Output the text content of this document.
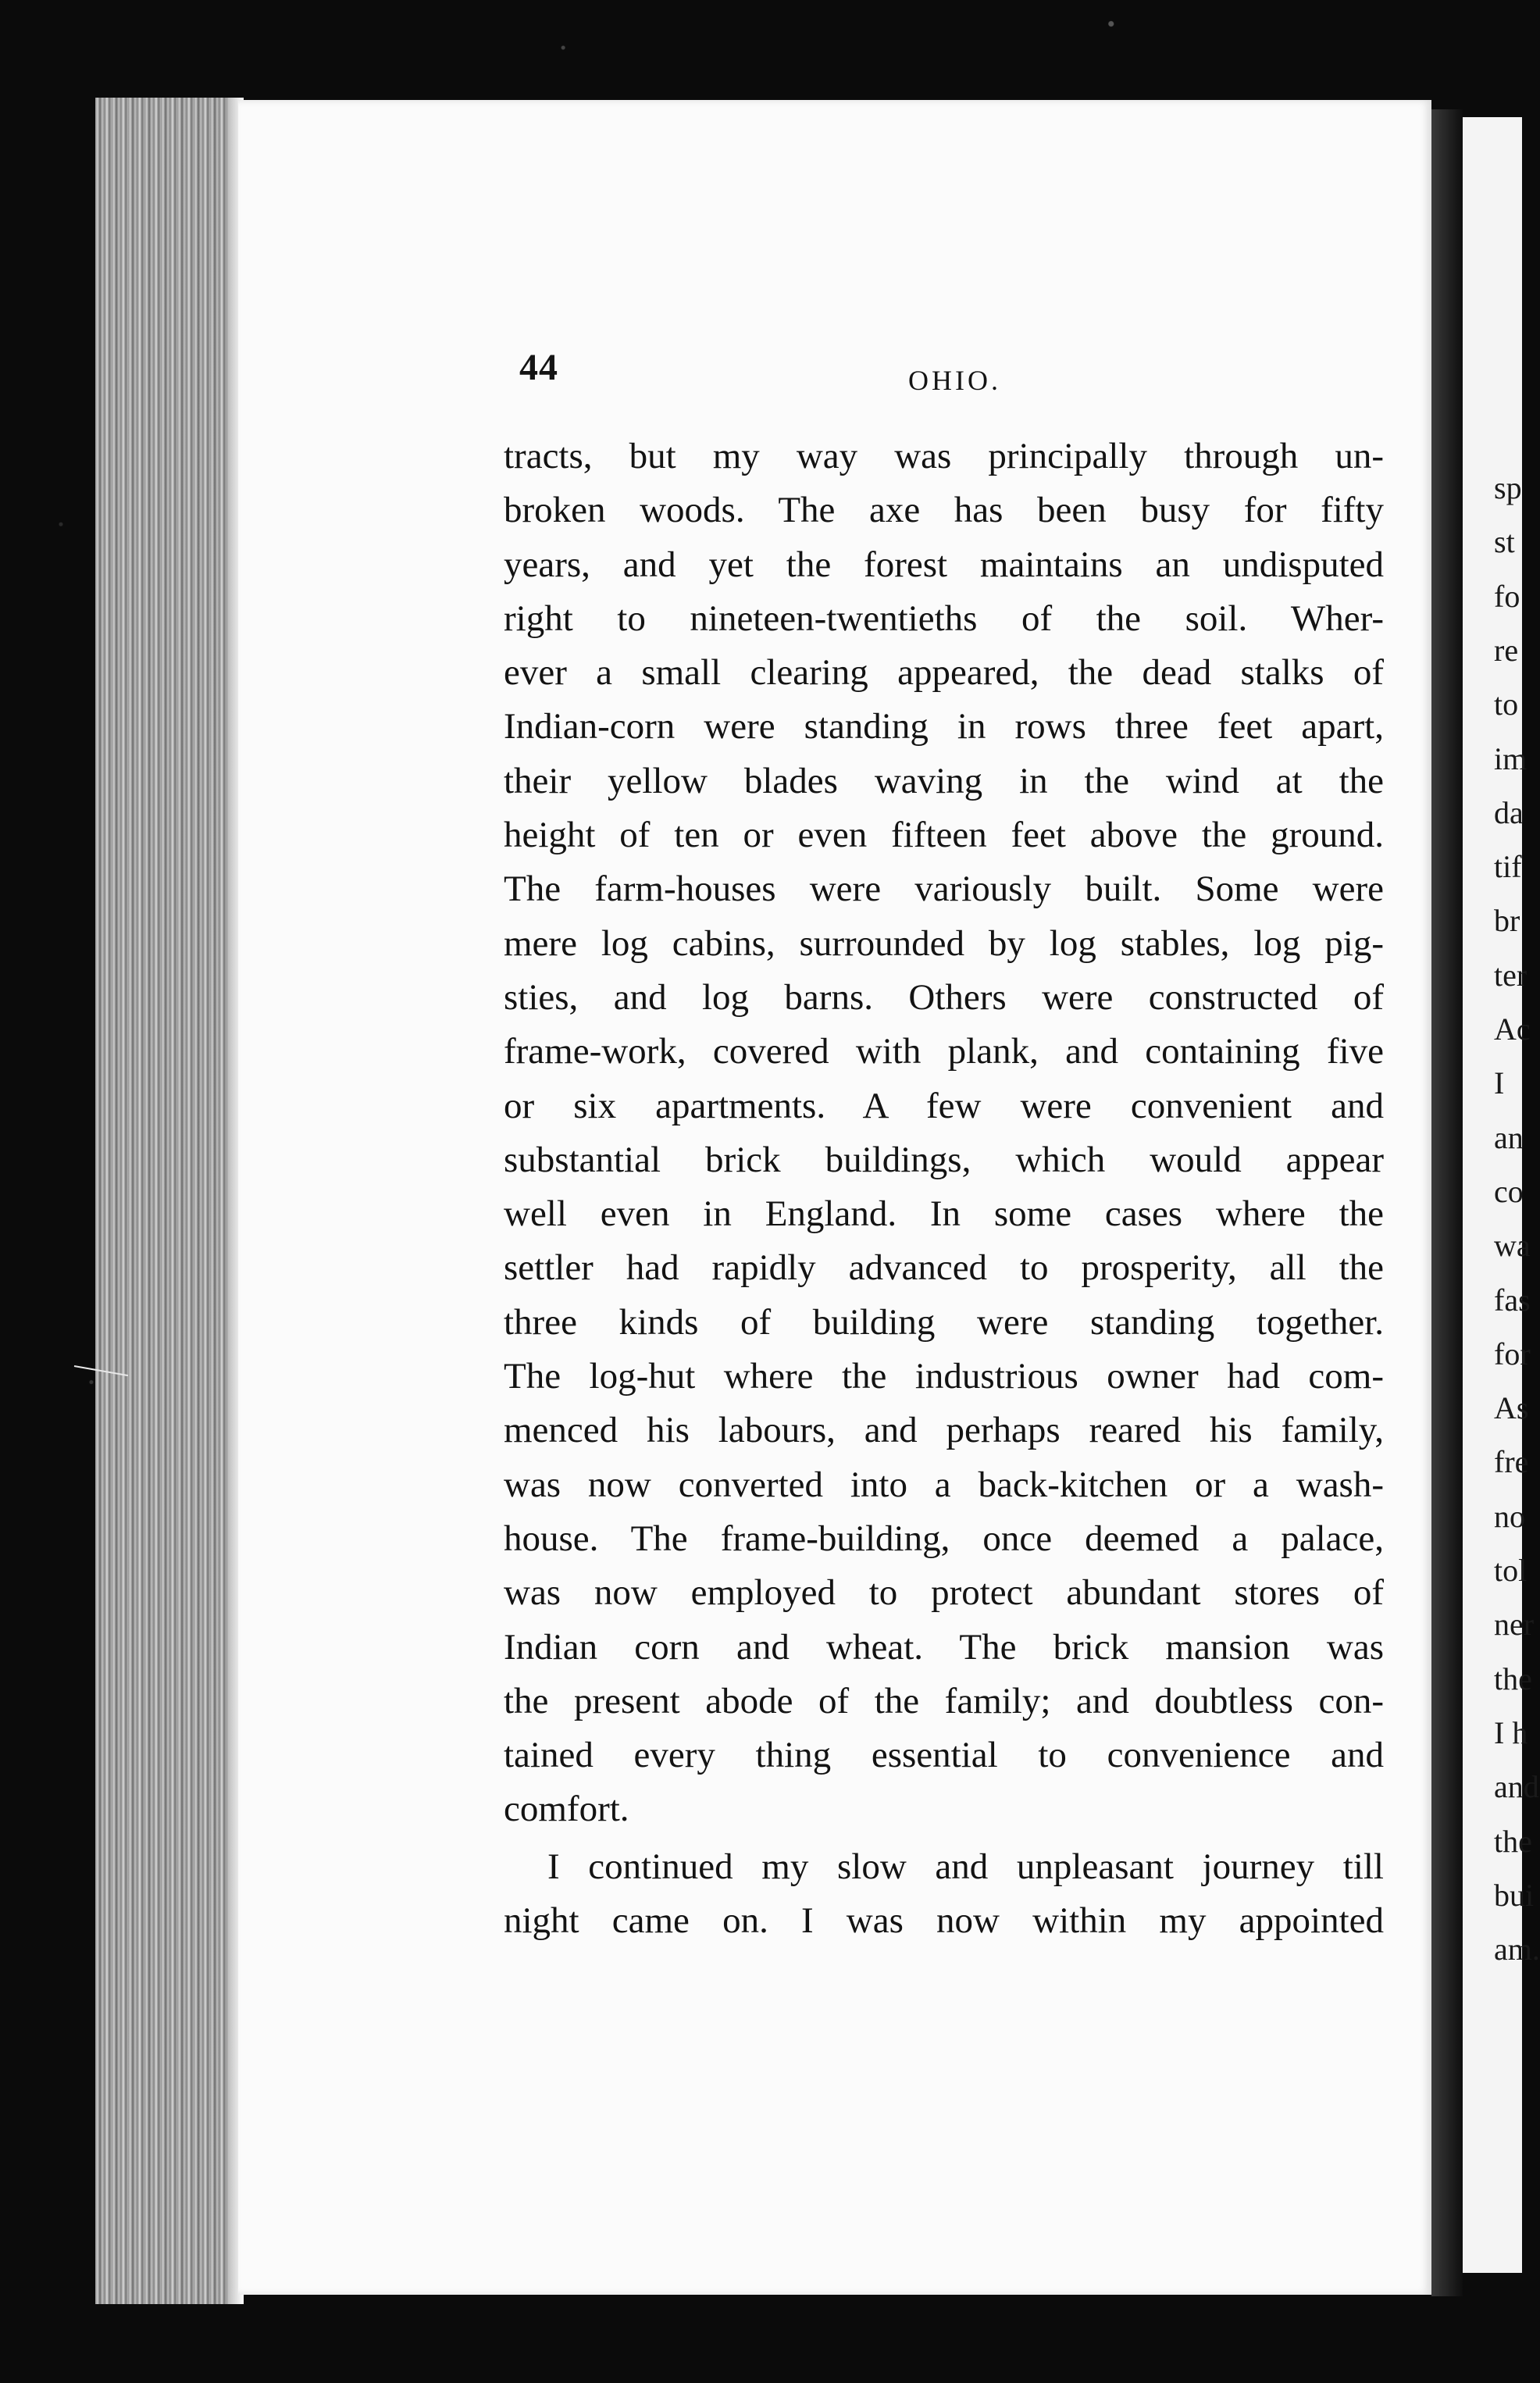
sp
st
fo
re
to
im
da
tif
br
ter
Ac
I
an
co
wa
fas
for
As
fre
no
tol
ner
the
I h
and
the
bui
am.
44	OHIO.
tracts, but my way was principally through un-
broken woods. The axe has been busy for fifty
years, and yet the forest maintains an undisputed
right to nineteen-twentieths of the soil. Wher-
ever a small clearing appeared, the dead stalks of
Indian-corn were standing in rows three feet apart,
their yellow blades waving in the wind at the
height of ten or even fifteen feet above the ground.
The farm-houses were variously built. Some were
mere log cabins, surrounded by log stables, log pig-
sties, and log barns. Others were constructed of
frame-work, covered with plank, and containing five
or six apartments. A few were convenient and
substantial brick buildings, which would appear
well even in England. In some cases where the
settler had rapidly advanced to prosperity, all the
three kinds of building were standing together.
The log-hut where the industrious owner had com-
menced his labours, and perhaps reared his family,
was now converted into a back-kitchen or a wash-
house. The frame-building, once deemed a palace,
was now employed to protect abundant stores of
Indian corn and wheat. The brick mansion was
the present abode of the family; and doubtless con-
tained every thing essential to convenience and
comfort.
I continued my slow and unpleasant journey till
night came on. I was now within my appointed
